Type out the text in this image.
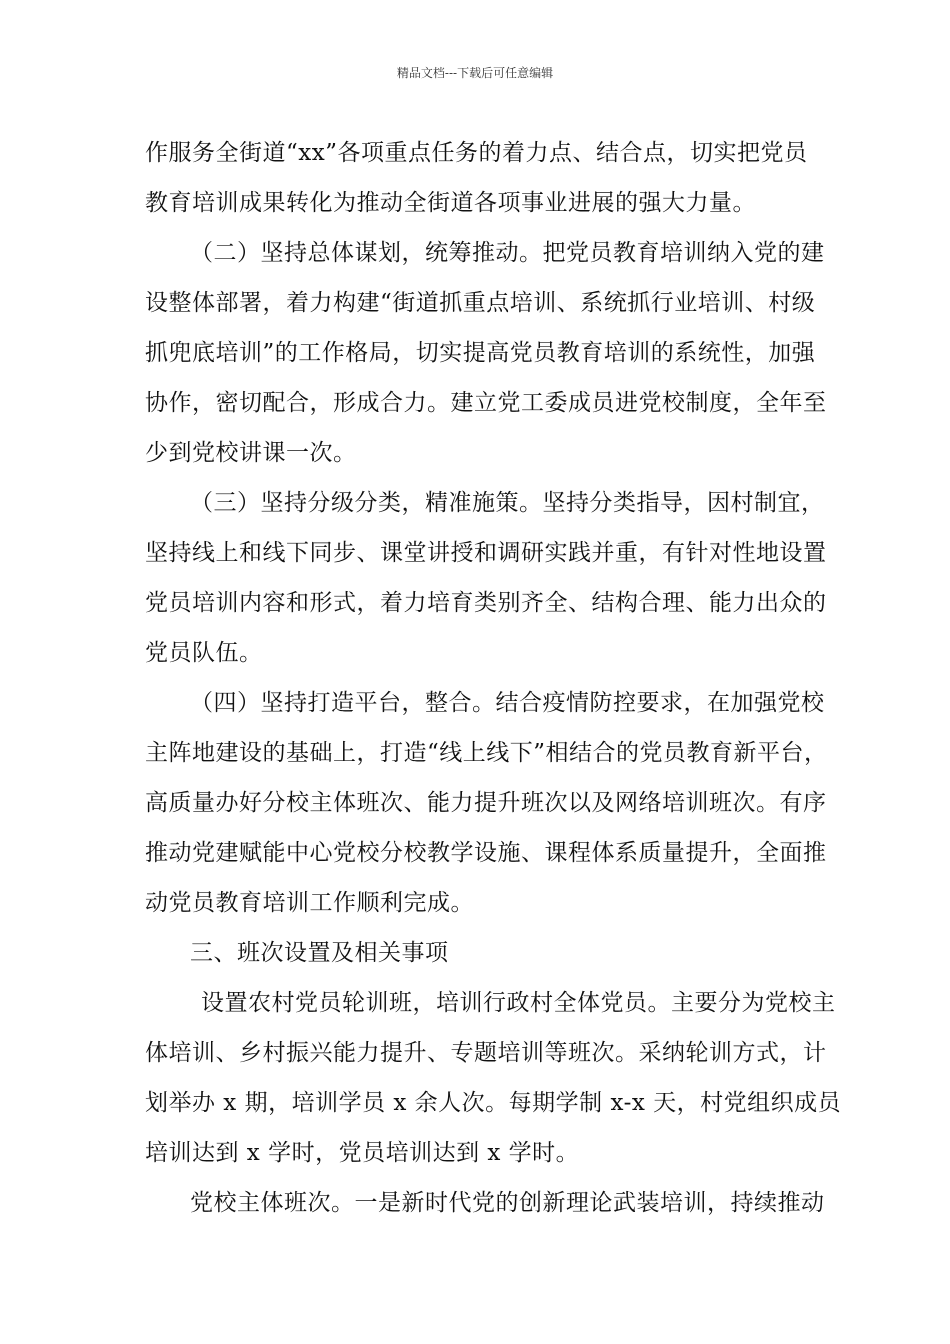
精品文档---下载后可任意编辑
作服务全街道“xx”各项重点任务的着力点、结合点，切实把党员
教育培训成果转化为推动全街道各项事业进展的强大力量。
（二）坚持总体谋划，统筹推动。把党员教育培训纳入党的建
设整体部署，着力构建“街道抓重点培训、系统抓行业培训、村级
抓兜底培训”的工作格局，切实提高党员教育培训的系统性，加强
协作，密切配合，形成合力。建立党工委成员进党校制度，全年至
少到党校讲课一次。
（三）坚持分级分类，精准施策。坚持分类指导，因村制宜，
坚持线上和线下同步、课堂讲授和调研实践并重，有针对性地设置
党员培训内容和形式，着力培育类别齐全、结构合理、能力出众的
党员队伍。
（四）坚持打造平台，整合。结合疫情防控要求，在加强党校
主阵地建设的基础上，打造“线上线下”相结合的党员教育新平台，
高质量办好分校主体班次、能力提升班次以及网络培训班次。有序
推动党建赋能中心党校分校教学设施、课程体系质量提升，全面推
动党员教育培训工作顺利完成。
三、班次设置及相关事项
设置农村党员轮训班，培训行政村全体党员。主要分为党校主
体培训、乡村振兴能力提升、专题培训等班次。采纳轮训方式，计
划举办 x 期，培训学员 x 余人次。每期学制 x-x 天，村党组织成员
培训达到 x 学时，党员培训达到 x 学时。
党校主体班次。一是新时代党的创新理论武装培训，持续推动
